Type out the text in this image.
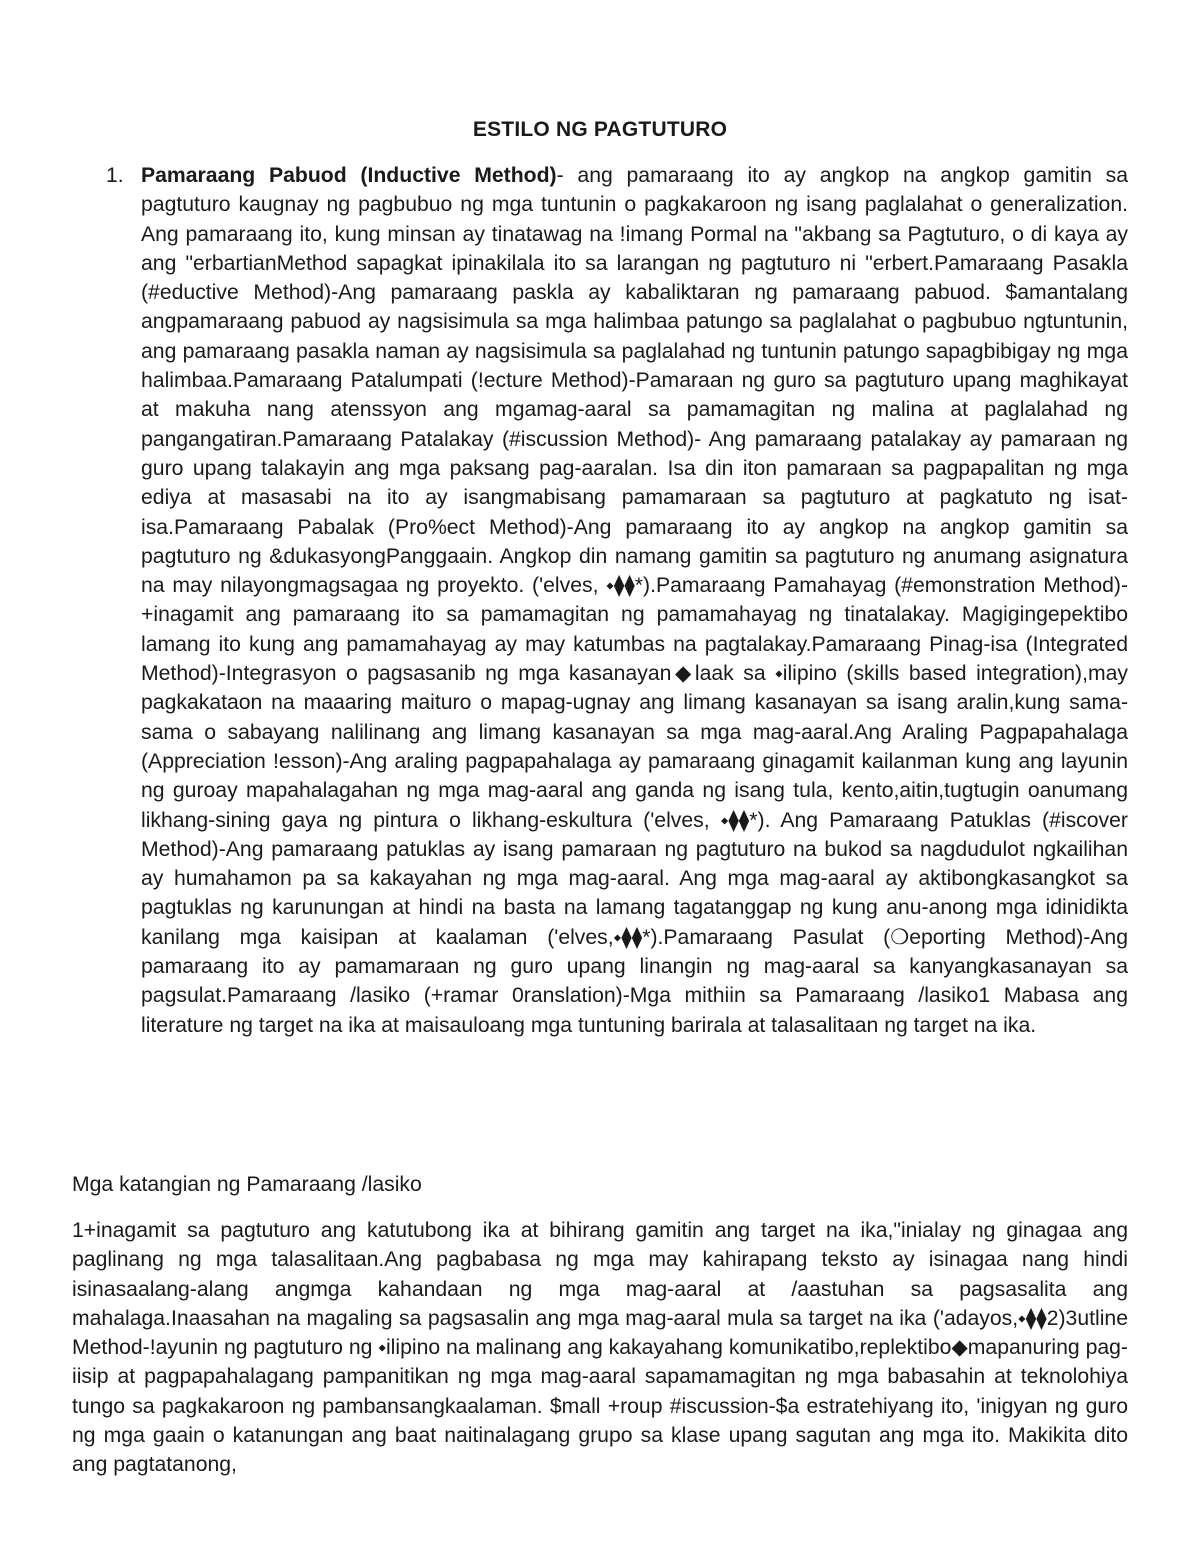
ESTILO NG PAGTUTURO
1. Pamaraang Pabuod (Inductive Method)- ang pamaraang ito ay angkop na angkop gamitin sa pagtuturo kaugnay ng pagbubuo ng mga tuntunin o pagkakaroon ng isang paglalahat o generalization. Ang pamaraang ito, kung minsan ay tinatawag na !imang Pormal na "akbang sa Pagtuturo, o di kaya ay ang "erbartianMethod sapagkat ipinakilala ito sa larangan ng pagtuturo ni "erbert.Pamaraang Pasakla (#eductive Method)-Ang pamaraang paskla ay kabaliktaran ng pamaraang pabuod. $amantalang angpamaraang pabuod ay nagsisimula sa mga halimbaa patungo sa paglalahat o pagbubuo ngtuntunin, ang pamaraang pasakla naman ay nagsisimula sa paglalahad ng tuntunin patungo sapagbibigay ng mga halimbaa.Pamaraang Patalumpati (!ecture Method)-Pamaraan ng guro sa pagtuturo upang maghikayat at makuha nang atenssyon ang mgamag-aaral sa pamamagitan ng malina at paglalahad ng pangangatiran.Pamaraang Patalakay (#iscussion Method)- Ang pamaraang patalakay ay pamaraan ng guro upang talakayin ang mga paksang pag-aaralan. Isa din iton pamaraan sa pagpapalitan ng mga ediya at masasabi na ito ay isangmabisang pamamaraan sa pagtuturo at pagkatuto ng isat-isa.Pamaraang Pabalak (Pro%ect Method)-Ang pamaraang ito ay angkop na angkop gamitin sa pagtuturo ng &dukasyongPanggaain. Angkop din namang gamitin sa pagtuturo ng anumang asignatura na may nilayongmagsagaa ng proyekto. ('elves, ⬩⧫⧫*).Pamaraang Pamahayag (#emonstration Method)-+inagamit ang pamaraang ito sa pamamagitan ng pamamahayag ng tinatalakay. Magigingepektibo lamang ito kung ang pamamahayag ay may katumbas na pagtalakay.Pamaraang Pinag-isa (Integrated Method)-Integrasyon o pagsasanib ng mga kasanayan◆laak sa ⬩ilipino (skills based integration),may pagkakataon na maaaring maituro o mapag-ugnay ang limang kasanayan sa isang aralin,kung sama-sama o sabayang nalilinang ang limang kasanayan sa mga mag-aaral.Ang Araling Pagpapahalaga (Appreciation !esson)-Ang araling pagpapahalaga ay pamaraang ginagamit kailanman kung ang layunin ng guroay mapahalagahan ng mga mag-aaral ang ganda ng isang tula, kento,aitin,tugtugin oanumang likhang-sining gaya ng pintura o likhang-eskultura ('elves, ⬩⧫⧫*). Ang Pamaraang Patuklas (#iscover Method)-Ang pamaraang patuklas ay isang pamaraan ng pagtuturo na bukod sa nagdudulot ngkailihan ay humahamon pa sa kakayahan ng mga mag-aaral. Ang mga mag-aaral ay aktibongkasangkot sa pagtuklas ng karunungan at hindi na basta na lamang tagatanggap ng kung anu-anong mga idinidikta kanilang mga kaisipan at kaalaman ('elves,⬩⧫⧫*).Pamaraang Pasulat (❍eporting Method)-Ang pamaraang ito ay pamamaraan ng guro upang linangin ng mag-aaral sa kanyangkasanayan sa pagsulat.Pamaraang /lasiko (+ramar 0ranslation)-Mga mithiin sa Pamaraang /lasiko1 Mabasa ang literature ng target na ika at maisauloang mga tuntuning barirala at talasalitaan ng target na ika.
Mga katangian ng Pamaraang /lasiko
1+inagamit sa pagtuturo ang katutubong ika at bihirang gamitin ang target na ika,"inialay ng ginagaa ang paglinang ng mga talasalitaan.Ang pagbabasa ng mga may kahirapang teksto ay isinagaa nang hindi isinasaalang-alang angmga kahandaan ng mga mag-aaral at /aastuhan sa pagsasalita ang mahalaga.Inaasahan na magaling sa pagsasalin ang mga mag-aaral mula sa target na ika ('adayos,⬩⧫⧫2)3utline Method-!ayunin ng pagtuturo ng ⬩ilipino na malinang ang kakayahang komunikatibo,replektibo◆mapanuring pag-iisip at pagpapahalagang pampanitikan ng mga mag-aaral sapamamagitan ng mga babasahin at teknolohiya tungo sa pagkakaroon ng pambansangkaalaman. $mall +roup #iscussion-$a estratehiyang ito, 'inigyan ng guro ng mga gaain o katanungan ang baat naitinalagang grupo sa klase upang sagutan ang mga ito. Makikita dito ang pagtatanong,
